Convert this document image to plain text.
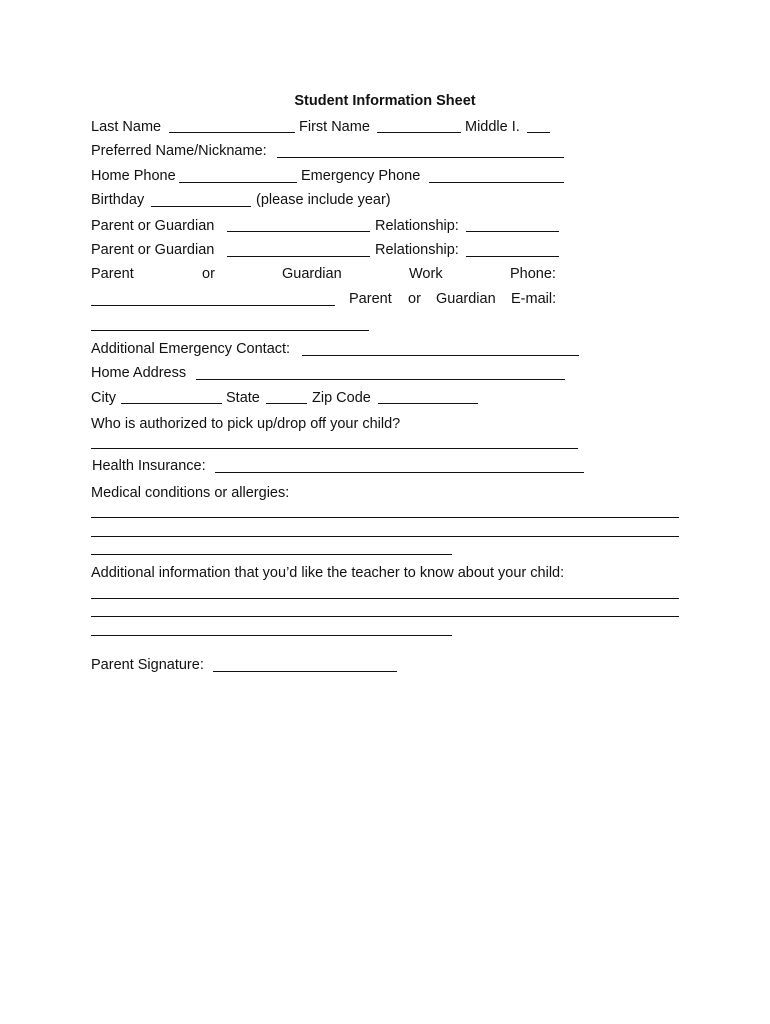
Student Information Sheet
Last Name	First Name	Middle I.
Preferred Name/Nickname:
Home Phone	Emergency Phone
Birthday	(please include year)
Parent or Guardian	Relationship:
Parent or Guardian	Relationship:
Parent	or	Guardian	Work	Phone:
Parent or Guardian E-mail:
Additional Emergency Contact:
Home Address
City	State	Zip Code
Who is authorized to pick up/drop off your child?
Health Insurance:
Medical conditions or allergies:
Additional information that you’d like the teacher to know about your child:
Parent Signature:
